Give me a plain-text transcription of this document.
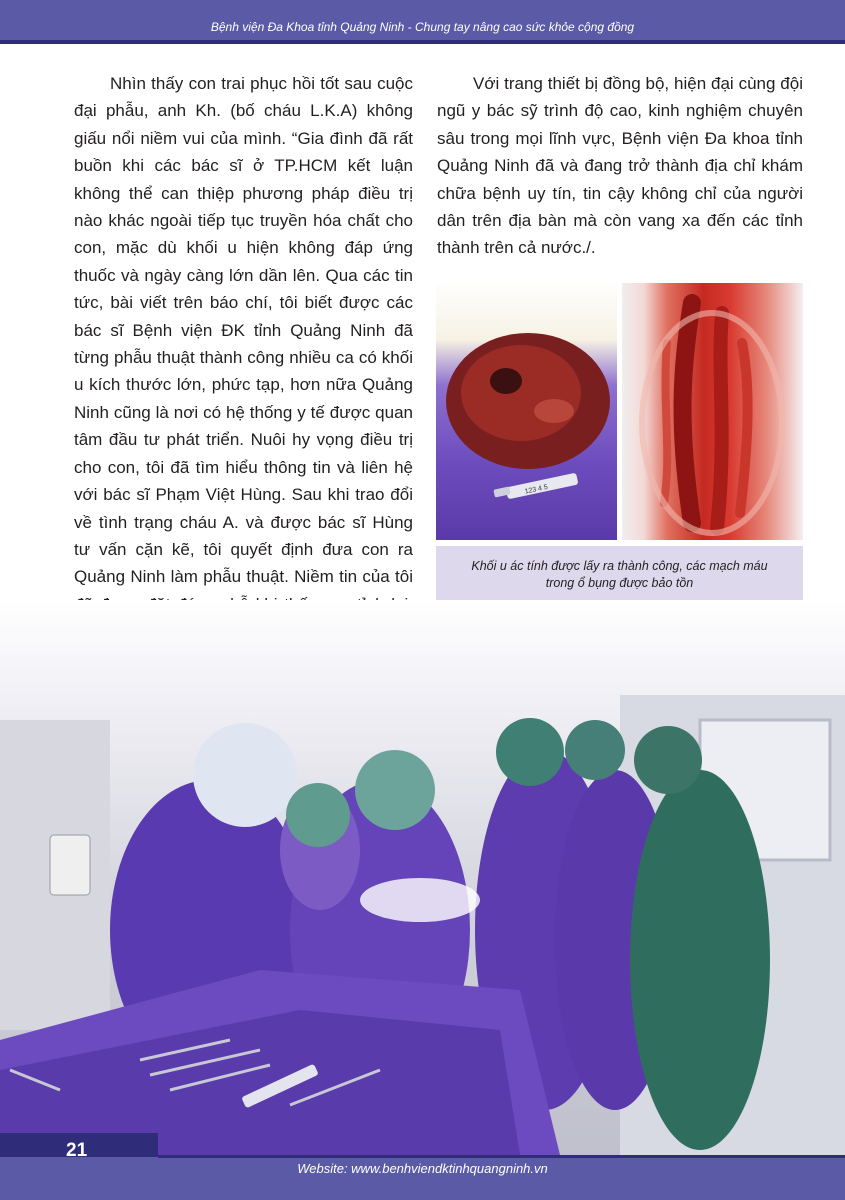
Bệnh viện Đa Khoa tỉnh Quảng Ninh - Chung tay nâng cao sức khỏe cộng đồng

Nhìn thấy con trai phục hồi tốt sau cuộc đại phẫu, anh Kh. (bố cháu L.K.A) không giấu nổi niềm vui của mình. “Gia đình đã rất buồn khi các bác sĩ ở TP.HCM kết luận không thể can thiệp phương pháp điều trị nào khác ngoài tiếp tục truyền hóa chất cho con, mặc dù khối u hiện không đáp ứng thuốc và ngày càng lớn dần lên. Qua các tin tức, bài viết trên báo chí, tôi biết được các bác sĩ Bệnh viện ĐK tỉnh Quảng Ninh đã từng phẫu thuật thành công nhiều ca có khối u kích thước lớn, phức tạp, hơn nữa Quảng Ninh cũng là nơi có hệ thống y tế được quan tâm đầu tư phát triển. Nuôi hy vọng điều trị cho con, tôi đã tìm hiểu thông tin và liên hệ với bác sĩ Phạm Việt Hùng. Sau khi trao đổi về tình trạng cháu A. và được bác sĩ Hùng tư vấn cặn kẽ, tôi quyết định đưa con ra Quảng Ninh làm phẫu thuật. Niềm tin của tôi

Với trang thiết bị đồng bộ, hiện đại cùng đội ngũ y bác sỹ trình độ cao, kinh nghiệm chuyên sâu trong mọi lĩnh vực, Bệnh viện Đa khoa tỉnh Quảng Ninh đã và đang trở thành địa chỉ khám chữa bệnh uy tín, tin cậy không chỉ của người dân trên địa bàn mà còn vang xa đến các tỉnh thành trên cả nước./.

123 4 5
Khối u ác tính được lấy ra thành công, các mạch máu trong ổ bụng được bảo tồn
21
Website: www.benhviendktinhquangninh.vn
